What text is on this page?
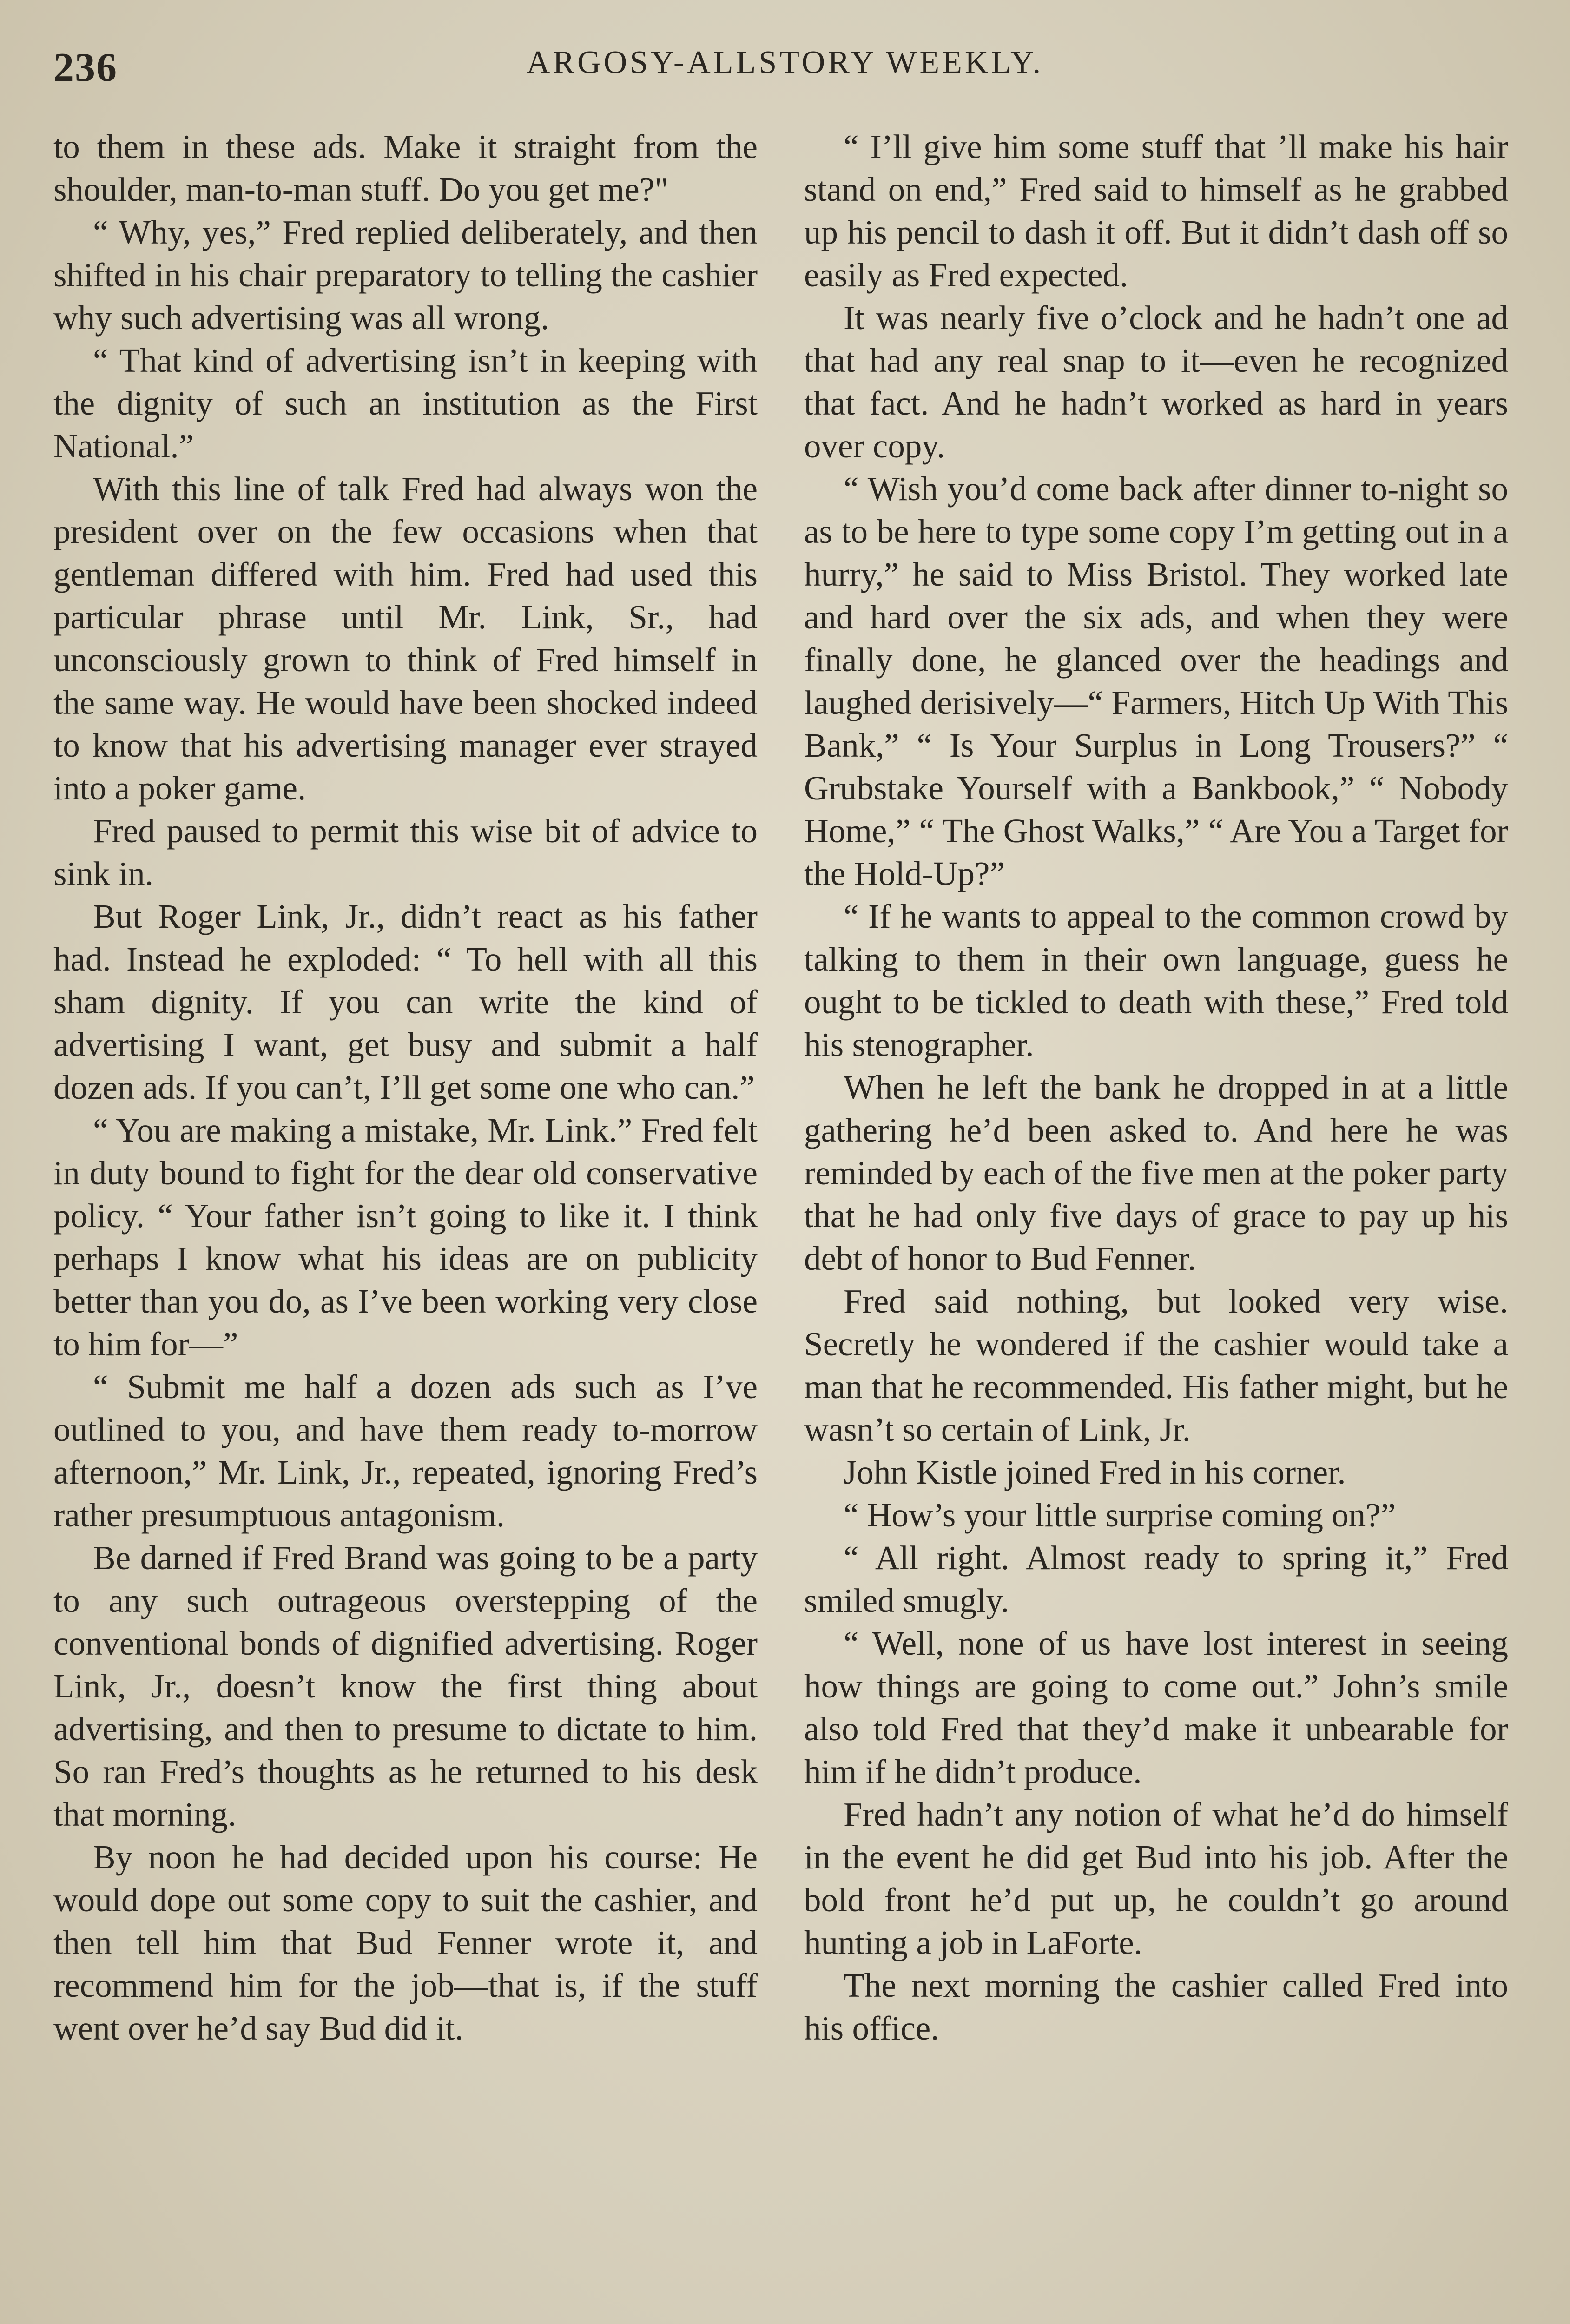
236	ARGOSY-ALLSTORY WEEKLY.

to them in these ads. Make it straight from the shoulder, man-to-man stuff. Do you get me?"

“ Why, yes,” Fred replied deliberately, and then shifted in his chair preparatory to telling the cashier why such advertising was all wrong.

“ That kind of advertising isn’t in keeping with the dignity of such an institution as the First National.”

With this line of talk Fred had always won the president over on the few occasions when that gentleman differed with him. Fred had used this particular phrase until Mr. Link, Sr., had unconsciously grown to think of Fred himself in the same way. He would have been shocked indeed to know that his advertising manager ever strayed into a poker game.

Fred paused to permit this wise bit of advice to sink in.

But Roger Link, Jr., didn’t react as his father had. Instead he exploded: “ To hell with all this sham dignity. If you can write the kind of advertising I want, get busy and submit a half dozen ads. If you can’t, I’ll get some one who can.”

“ You are making a mistake, Mr. Link.” Fred felt in duty bound to fight for the dear old conservative policy. “ Your father isn’t going to like it. I think perhaps I know what his ideas are on publicity better than you do, as I’ve been working very close to him for—”

“ Submit me half a dozen ads such as I’ve outlined to you, and have them ready to-morrow afternoon,” Mr. Link, Jr., repeated, ignoring Fred’s rather presumptuous antagonism.

Be darned if Fred Brand was going to be a party to any such outrageous overstepping of the conventional bonds of dignified advertising. Roger Link, Jr., doesn’t know the first thing about advertising, and then to presume to dictate to him. So ran Fred’s thoughts as he returned to his desk that morning.

By noon he had decided upon his course: He would dope out some copy to suit the cashier, and then tell him that Bud Fenner wrote it, and recommend him for the job—that is, if the stuff went over he’d say Bud did it.

“ I’ll give him some stuff that ’ll make his hair stand on end,” Fred said to himself as he grabbed up his pencil to dash it off. But it didn’t dash off so easily as Fred expected.

It was nearly five o’clock and he hadn’t one ad that had any real snap to it—even he recognized that fact. And he hadn’t worked as hard in years over copy.

“ Wish you’d come back after dinner to-night so as to be here to type some copy I’m getting out in a hurry,” he said to Miss Bristol. They worked late and hard over the six ads, and when they were finally done, he glanced over the headings and laughed derisively—“ Farmers, Hitch Up With This Bank,” “ Is Your Surplus in Long Trousers?” “ Grubstake Yourself with a Bankbook,” “ Nobody Home,” “ The Ghost Walks,” “ Are You a Target for the Hold-Up?”

“ If he wants to appeal to the common crowd by talking to them in their own language, guess he ought to be tickled to death with these,” Fred told his stenographer.

When he left the bank he dropped in at a little gathering he’d been asked to. And here he was reminded by each of the five men at the poker party that he had only five days of grace to pay up his debt of honor to Bud Fenner.

Fred said nothing, but looked very wise. Secretly he wondered if the cashier would take a man that he recommended. His father might, but he wasn’t so certain of Link, Jr.

John Kistle joined Fred in his corner.

“ How’s your little surprise coming on?”

“ All right. Almost ready to spring it,” Fred smiled smugly.

“ Well, none of us have lost interest in seeing how things are going to come out.” John’s smile also told Fred that they’d make it unbearable for him if he didn’t produce.

Fred hadn’t any notion of what he’d do himself in the event he did get Bud into his job. After the bold front he’d put up, he couldn’t go around hunting a job in LaForte.

The next morning the cashier called Fred into his office.
